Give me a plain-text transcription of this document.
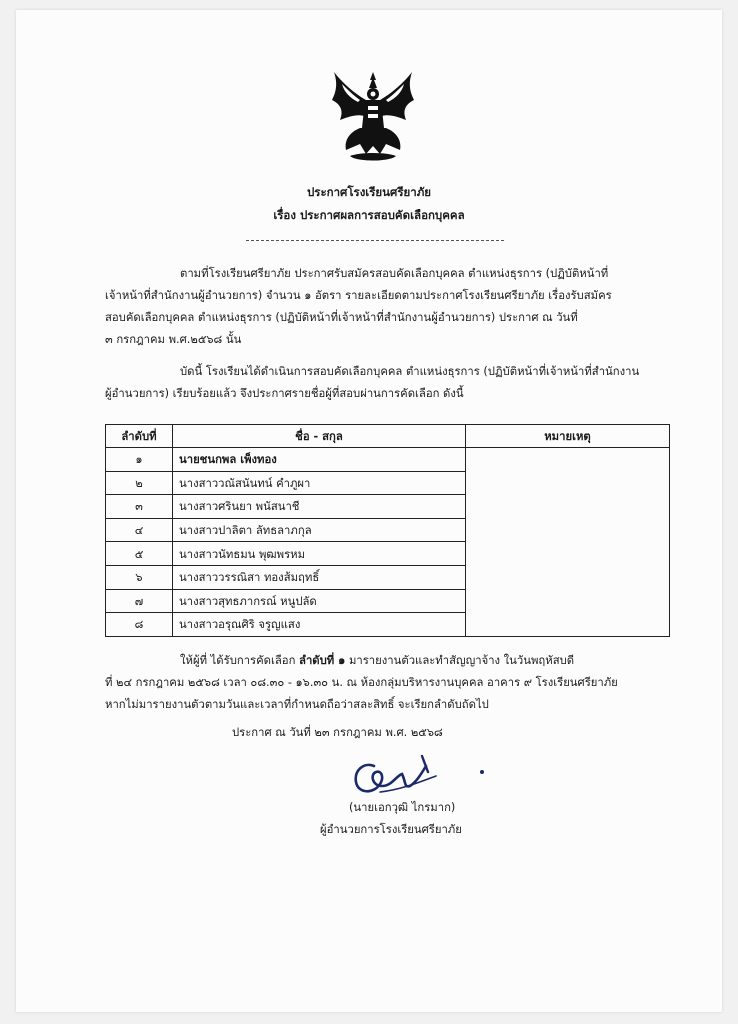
ประกาศโรงเรียนศรียาภัย
เรื่อง ประกาศผลการสอบคัดเลือกบุคคล
ตามที่โรงเรียนศรียาภัย ประกาศรับสมัครสอบคัดเลือกบุคคล ตำแหน่งธุรการ (ปฏิบัติหน้าที่
เจ้าหน้าที่สำนักงานผู้อำนวยการ) จำนวน ๑ อัตรา รายละเอียดตามประกาศโรงเรียนศรียาภัย เรื่องรับสมัคร
สอบคัดเลือกบุคคล ตำแหน่งธุรการ (ปฏิบัติหน้าที่เจ้าหน้าที่สำนักงานผู้อำนวยการ) ประกาศ ณ วันที่
๓ กรกฎาคม พ.ศ.๒๕๖๘ นั้น
บัดนี้ โรงเรียนได้ดำเนินการสอบคัดเลือกบุคคล ตำแหน่งธุรการ (ปฏิบัติหน้าที่เจ้าหน้าที่สำนักงาน
ผู้อำนวยการ) เรียบร้อยแล้ว จึงประกาศรายชื่อผู้ที่สอบผ่านการคัดเลือก ดังนี้
ลำดับที่	ชื่อ - สกุล	หมายเหตุ
๑	นายชนกพล เพ็งทอง	
๒	นางสาววณัสนันทน์ คำภูผา	
๓	นางสาวศรินยา พนัสนาชี	
๔	นางสาวปาลิตา ลัทธลาภกุล	
๕	นางสาวนัทธมน พุฒพรหม	
๖	นางสาววรรณิสา ทองส้มฤทธิ์	
๗	นางสาวสุทธภากรณ์ หนูปลัด	
๘	นางสาวอรุณศิริ จรูญแสง	
ให้ผู้ที่ ได้รับการคัดเลือก ลำดับที่ ๑ มารายงานตัวและทำสัญญาจ้าง ในวันพฤหัสบดี
ที่ ๒๔ กรกฎาคม ๒๕๖๘ เวลา ๐๘.๓๐ - ๑๖.๓๐ น. ณ ห้องกลุ่มบริหารงานบุคคล อาคาร ๙ โรงเรียนศรียาภัย
หากไม่มารายงานตัวตามวันและเวลาที่กำหนดถือว่าสละสิทธิ์ จะเรียกลำดับถัดไป
ประกาศ ณ วันที่ ๒๓ กรกฎาคม พ.ศ. ๒๕๖๘
(นายเอกวุฒิ ไกรมาก)
ผู้อำนวยการโรงเรียนศรียาภัย
